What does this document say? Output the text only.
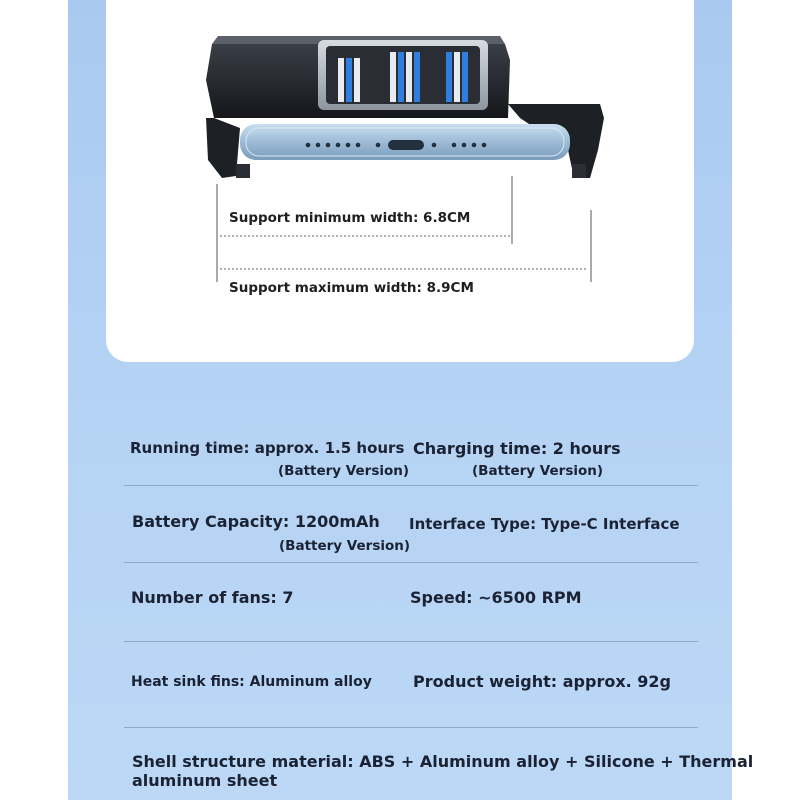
Support minimum width: 6.8CM
Support maximum width: 8.9CM
Running time: approx. 1.5 hours
(Battery Version)
Charging time: 2 hours
(Battery Version)
Battery Capacity: 1200mAh
(Battery Version)
Interface Type: Type-C Interface
Number of fans: 7	Speed: ~6500 RPM
Heat sink fins: Aluminum alloy	Product weight: approx. 92g
Shell structure material: ABS + Aluminum alloy + Silicone + Thermal
aluminum sheet
